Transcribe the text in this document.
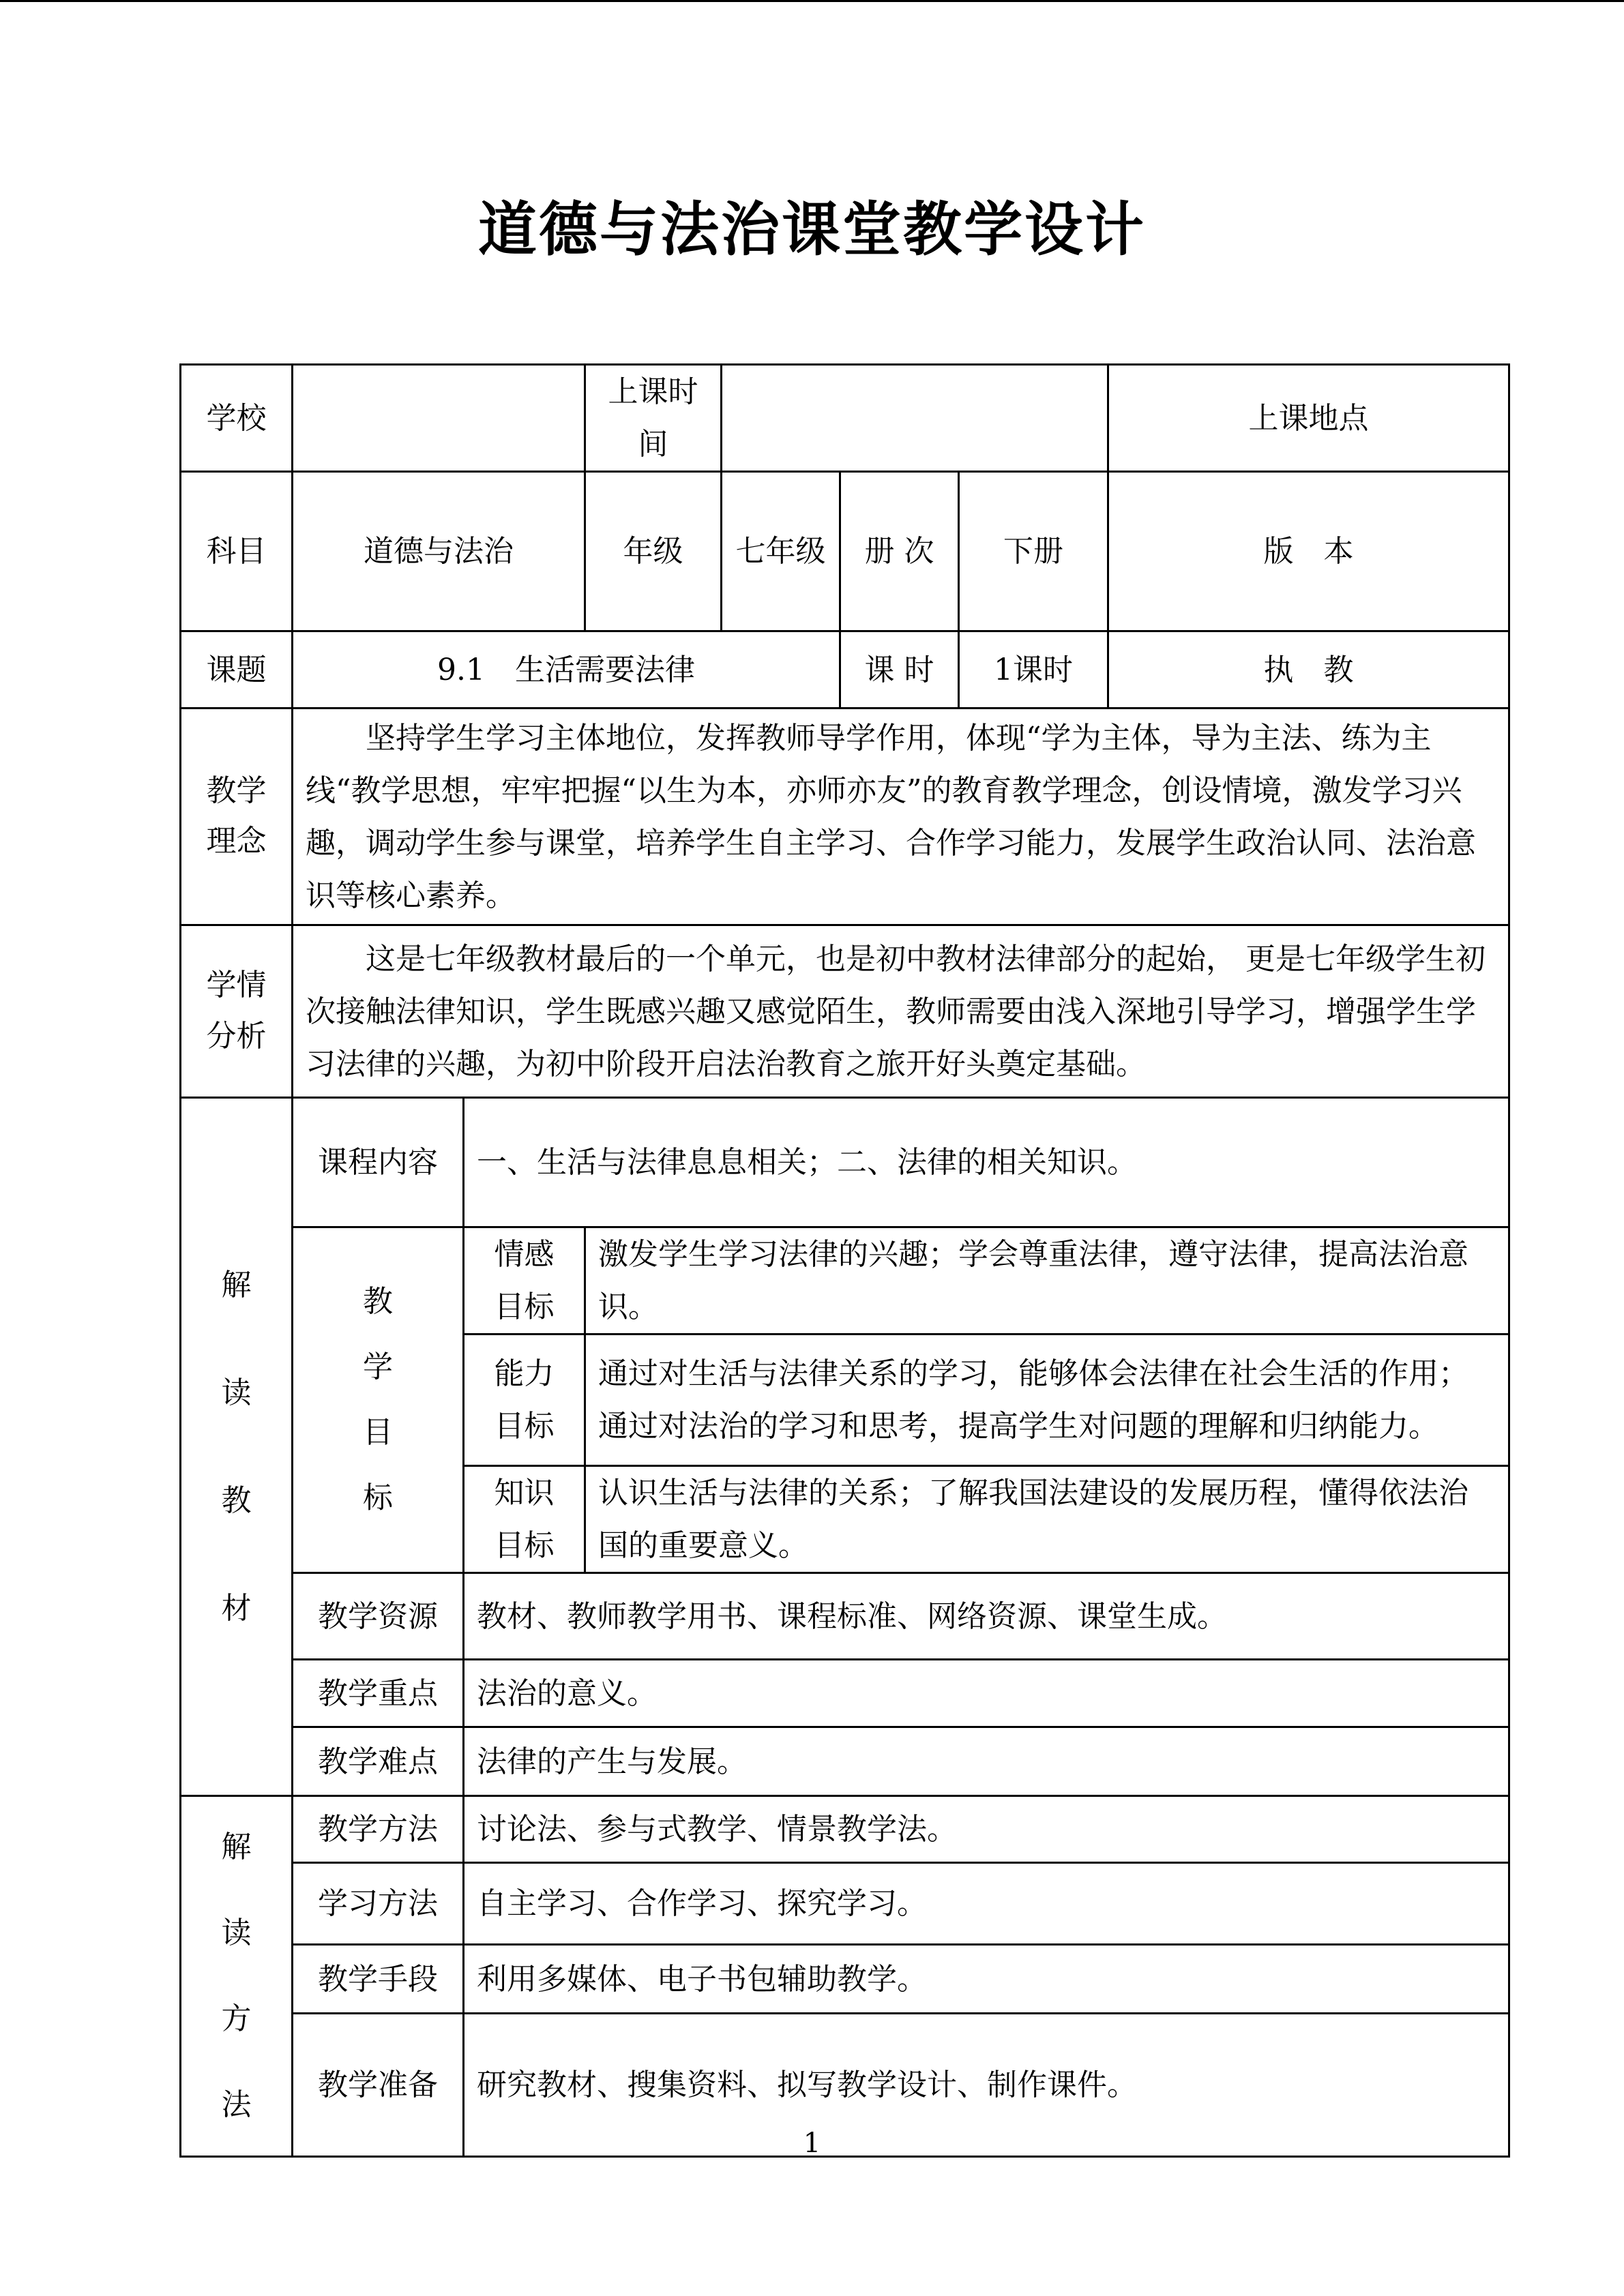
道德与法治课堂教学设计
学校			上课时间				上课地点	
科目	道德与法治		年级	七年级	册 次	下册	版　本	
课题	9.1　生活需要法律				课 时	1课时	执　教	
教学理念	坚持学生学习主体地位，发挥教师导学作用，体现“学为主体，导为主法、练为主线“教学思想，牢牢把握“以生为本，亦师亦友”的教育教学理念，创设情境，激发学习兴趣，调动学生参与课堂，培养学生自主学习、合作学习能力，发展学生政治认同、法治意识等核心素养。							
学情分析	这是七年级教材最后的一个单元，也是初中教材法律部分的起始， 更是七年级学生初次接触法律知识，学生既感兴趣又感觉陌生，教师需要由浅入深地引导学习，增强学生学习法律的兴趣，为初中阶段开启法治教育之旅开好头奠定基础。							

解
读
教
材	课程内容	一、生活与法律息息相关；二、法律的相关知识。						

	教
学
目
标	情感目标	激发学生学习法律的兴趣；学会尊重法律，遵守法律，提高法治意识。					
		能力目标	通过对生活与法律关系的学习，能够体会法律在社会生活的作用；通过对法治的学习和思考，提高学生对问题的理解和归纳能力。					
		知识目标	认识生活与法律的关系；了解我国法建设的发展历程，懂得依法治国的重要意义。					
	教学资源	教材、教师教学用书、课程标准、网络资源、课堂生成。						
	教学重点	法治的意义。						
	教学难点	法律的产生与发展。						

解
读
方
法	教学方法	讨论法、参与式教学、情景教学法。						
	学习方法	自主学习、合作学习、探究学习。						
	教学手段	利用多媒体、电子书包辅助教学。						
	教学准备	研究教材、搜集资料、拟写教学设计、制作课件。						
1
